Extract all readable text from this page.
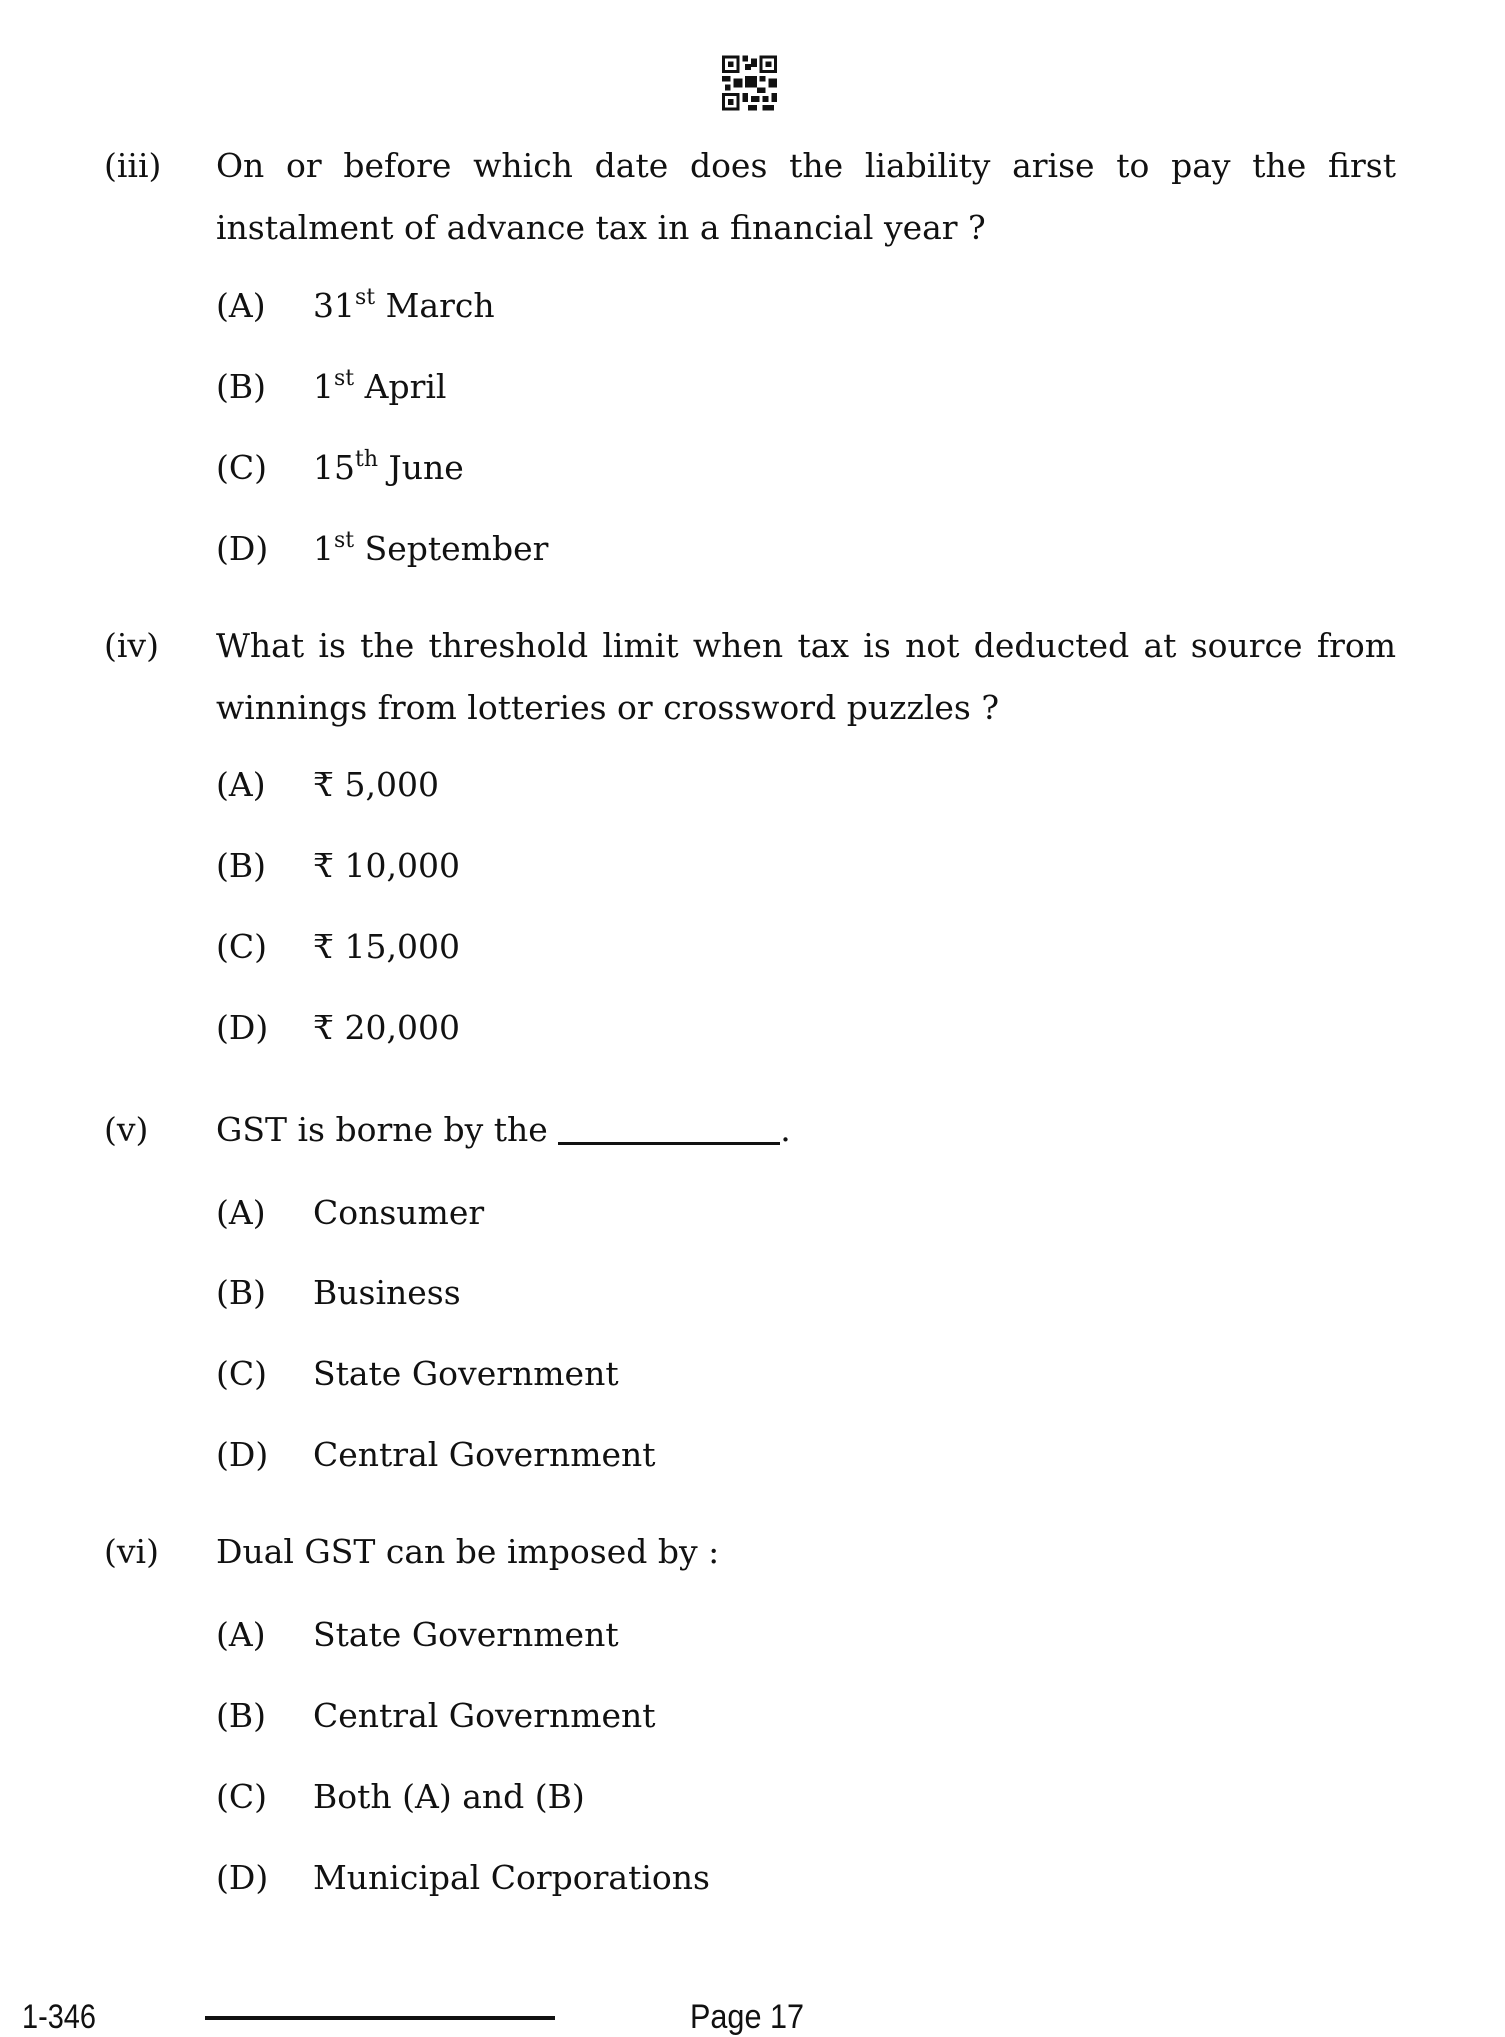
(iii) On or before which date does the liability arise to pay the first instalment of advance tax in a financial year ?
(A) 31st March
(B) 1st April
(C) 15th June
(D) 1st September
(iv) What is the threshold limit when tax is not deducted at source from winnings from lotteries or crossword puzzles ?
(A) ₹ 5,000
(B) ₹ 10,000
(C) ₹ 15,000
(D) ₹ 20,000
(v) GST is borne by the	.
(A) Consumer
(B) Business
(C) State Government
(D) Central Government
(vi) Dual GST can be imposed by :
(A) State Government
(B) Central Government
(C) Both (A) and (B)
(D) Municipal Corporations
1-346	Page 17
